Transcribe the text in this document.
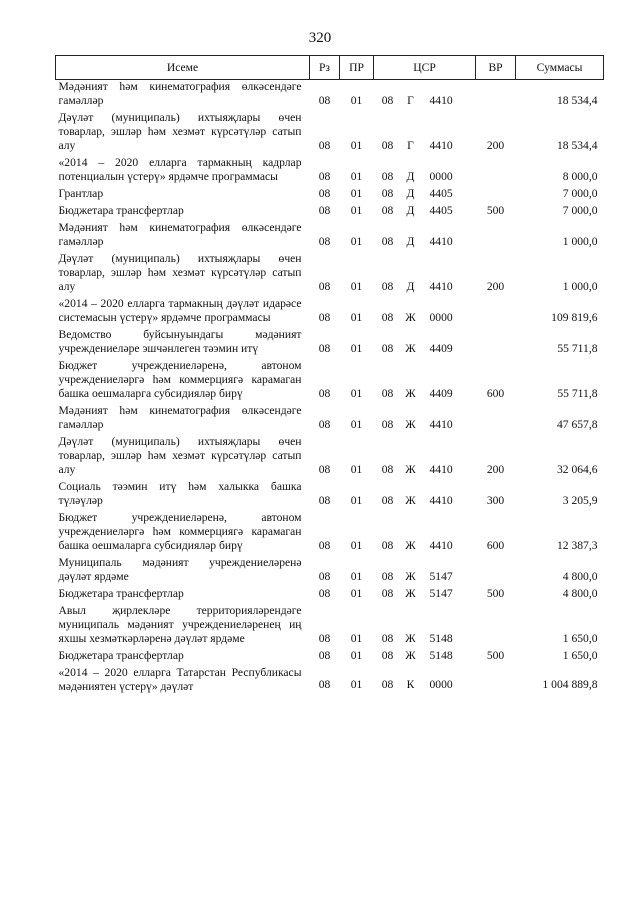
320
Исеме	Рз	ПР	ЦСР			ВР	Суммасы

Мәдәният һәм кинематография өлкәсендәге гамәлләр	08	01	08	Г	4410		18 534,4

Дәүләт (муниципаль) ихтыяҗлары өчен товарлар, эшләр һәм хезмәт күрсәтүләр сатып алу	08	01	08	Г	4410	200	18 534,4

«2014 – 2020 елларга тармакның кадрлар потенциалын үстерү» ярдәмче программасы	08	01	08	Д	0000		8 000,0

Грантлар	08	01	08	Д	4405		7 000,0

Бюджетара трансфертлар	08	01	08	Д	4405	500	7 000,0

Мәдәният һәм кинематография өлкәсендәге гамәлләр	08	01	08	Д	4410		1 000,0

Дәүләт (муниципаль) ихтыяҗлары өчен товарлар, эшләр һәм хезмәт күрсәтүләр сатып алу	08	01	08	Д	4410	200	1 000,0

«2014 – 2020 елларга тармакның дәүләт идарәсе системасын үстерү» ярдәмче программасы	08	01	08	Ж	0000		109 819,6

Ведомство буйсынуындагы мәдәният учреждениеләре эшчәнлеген тәэмин итү	08	01	08	Ж	4409		55 711,8

Бюджет учреждениеләренә, автоном учреждениеләргә һәм коммерциягә карамаган башка оешмаларга субсидияләр бирү	08	01	08	Ж	4409	600	55 711,8

Мәдәният һәм кинематография өлкәсендәге гамәлләр	08	01	08	Ж	4410		47 657,8

Дәүләт (муниципаль) ихтыяҗлары өчен товарлар, эшләр һәм хезмәт күрсәтүләр сатып алу	08	01	08	Ж	4410	200	32 064,6

Социаль тәэмин итү һәм халыкка башка түләүләр	08	01	08	Ж	4410	300	3 205,9

Бюджет учреждениеләренә, автоном учреждениеләргә һәм коммерциягә карамаган башка оешмаларга субсидияләр бирү	08	01	08	Ж	4410	600	12 387,3

Муниципаль мәдәният учреждениеләренә дәүләт ярдәме	08	01	08	Ж	5147		4 800,0

Бюджетара трансфертлар	08	01	08	Ж	5147	500	4 800,0

Авыл җирлекләре территорияләрендәге муниципаль мәдәният учреждениеләренең иң яхшы хезмәткәрләренә дәүләт ярдәме	08	01	08	Ж	5148		1 650,0

Бюджетара трансфертлар	08	01	08	Ж	5148	500	1 650,0

«2014 – 2020 елларга Татарстан Республикасы мәдәниятен үстерү» дәүләт	08	01	08	К	0000		1 004 889,8
